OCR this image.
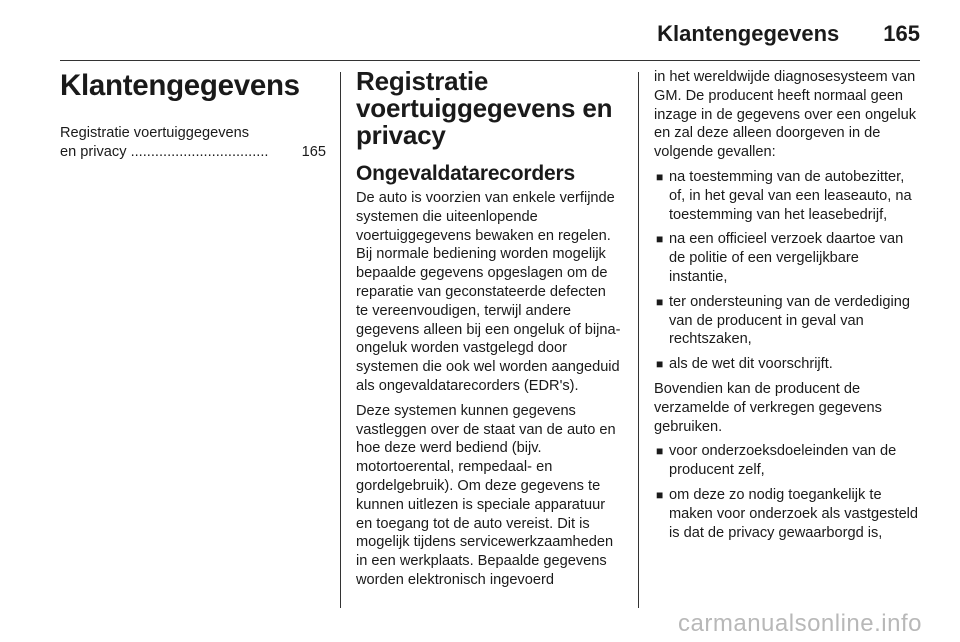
Klantengegevens 165
Klantengegevens
Registratie voertuiggegevens
en privacy
..................................
	165
Registratie voertuiggegevens en privacy
Ongevaldatarecorders

De auto is voorzien van enkele verfijnde systemen die uiteenlopende voertuiggegevens bewaken en regelen. Bij normale bediening worden mogelijk bepaalde gegevens opgeslagen om de reparatie van geconstateerde defecten te vereenvoudigen, terwijl andere gegevens alleen bij een ongeluk of bijna-ongeluk worden vastgelegd door systemen die ook wel worden aangeduid als ongevaldatarecorders (EDR's).

Deze systemen kunnen gegevens vastleggen over de staat van de auto en hoe deze werd bediend (bijv. motortoerental, rempedaal- en gordelgebruik). Om deze gegevens te kunnen uitlezen is speciale apparatuur en toegang tot de auto vereist. Dit is mogelijk tijdens servicewerkzaamheden in een werkplaats. Bepaalde gegevens worden elektronisch ingevoerd

in het wereldwijde diagnosesysteem van GM. De producent heeft normaal geen inzage in de gegevens over een ongeluk en zal deze alleen doorgeven in de volgende gevallen:

■ na toestemming van de autobezitter, of, in het geval van een leaseauto, na toestemming van het leasebedrijf,
■ na een officieel verzoek daartoe van de politie of een vergelijkbare instantie,
■ ter ondersteuning van de verdediging van de producent in geval van rechtszaken,
■ als de wet dit voorschrijft.

Bovendien kan de producent de verzamelde of verkregen gegevens gebruiken.

■ voor onderzoeksdoeleinden van de producent zelf,
■ om deze zo nodig toegankelijk te maken voor onderzoek als vastgesteld is dat de privacy gewaarborgd is,
carmanualsonline.info
